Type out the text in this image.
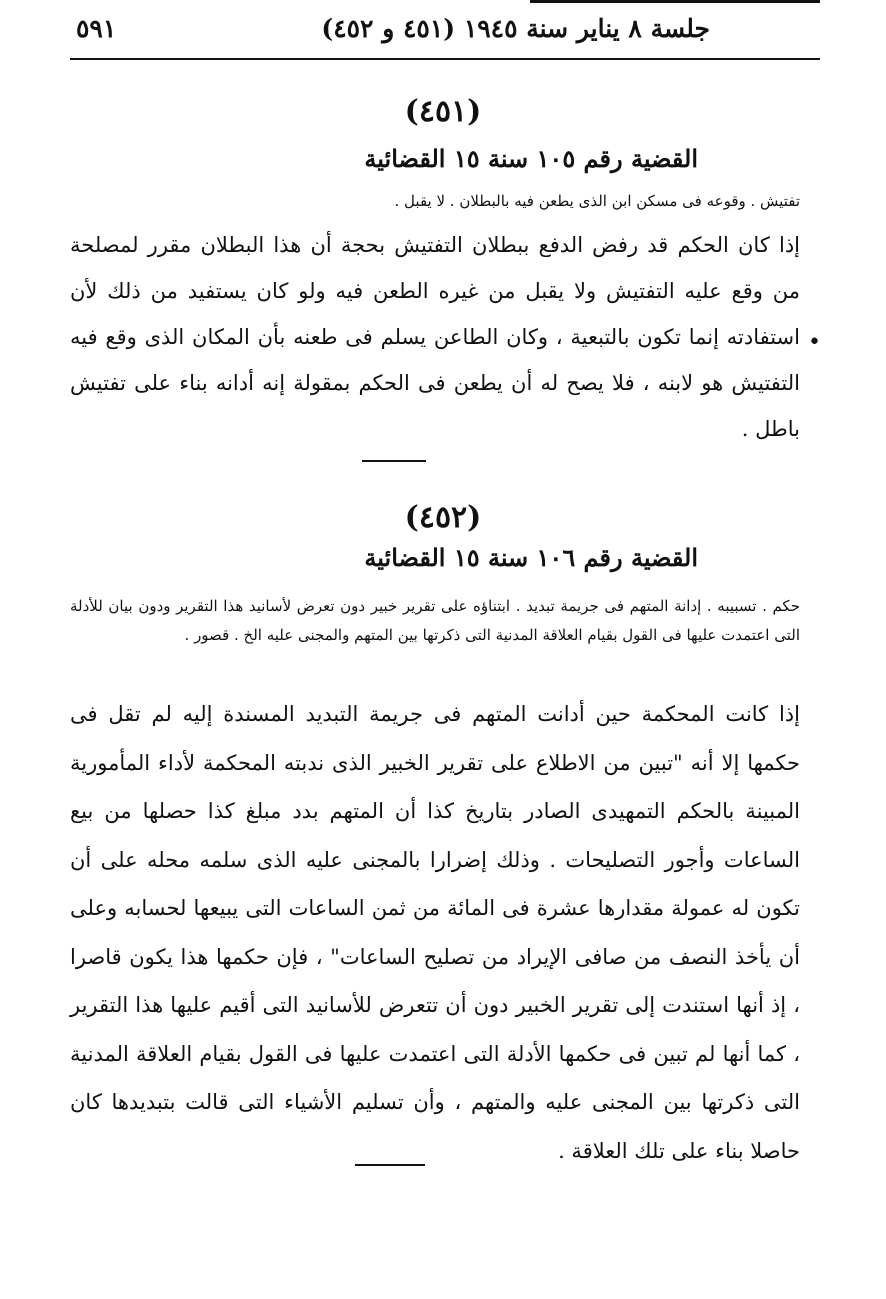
جلسة ٨ يناير سنة ١٩٤٥ (٤٥١ و ٤٥٢)
٥٩١
(٤٥١)
القضية رقم ١٠٥ سنة ١٥ القضائية
تفتيش . وقوعه فى مسكن ابن الذى يطعن فيه بالبطلان . لا يقبل .
إذا كان الحكم قد رفض الدفع ببطلان التفتيش بحجة أن هذا البطلان مقرر لمصلحة من وقع عليه التفتيش ولا يقبل من غيره الطعن فيه ولو كان يستفيد من ذلك لأن استفادته إنما تكون بالتبعية ، وكان الطاعن يسلم فى طعنه بأن المكان الذى وقع فيه التفتيش هو لابنه ، فلا يصح له أن يطعن فى الحكم بمقولة إنه أدانه بناء على تفتيش باطل .
•
(٤٥٢)
القضية رقم ١٠٦ سنة ١٥ القضائية
حكم . تسبيبه . إدانة المتهم فى جريمة تبديد . ابتناؤه على تقرير خبير دون تعرض لأسانيد هذا التقرير ودون بيان للأدلة التى اعتمدت عليها فى القول بقيام العلاقة المدنية التى ذكرتها بين المتهم والمجنى عليه الخ . قصور .
إذا كانت المحكمة حين أدانت المتهم فى جريمة التبديد المسندة إليه لم تقل فى حكمها إلا أنه "تبين من الاطلاع على تقرير الخبير الذى ندبته المحكمة لأداء المأمورية المبينة بالحكم التمهيدى الصادر بتاريخ كذا أن المتهم بدد مبلغ كذا حصلها من بيع الساعات وأجور التصليحات . وذلك إضرارا بالمجنى عليه الذى سلمه محله على أن تكون له عمولة مقدارها عشرة فى المائة من ثمن الساعات التى يبيعها لحسابه وعلى أن يأخذ النصف من صافى الإيراد من تصليح الساعات" ، فإن حكمها هذا يكون قاصرا ، إذ أنها استندت إلى تقرير الخبير دون أن تتعرض للأسانيد التى أقيم عليها هذا التقرير ، كما أنها لم تبين فى حكمها الأدلة التى اعتمدت عليها فى القول بقيام العلاقة المدنية التى ذكرتها بين المجنى عليه والمتهم ، وأن تسليم الأشياء التى قالت بتبديدها كان حاصلا بناء على تلك العلاقة .
